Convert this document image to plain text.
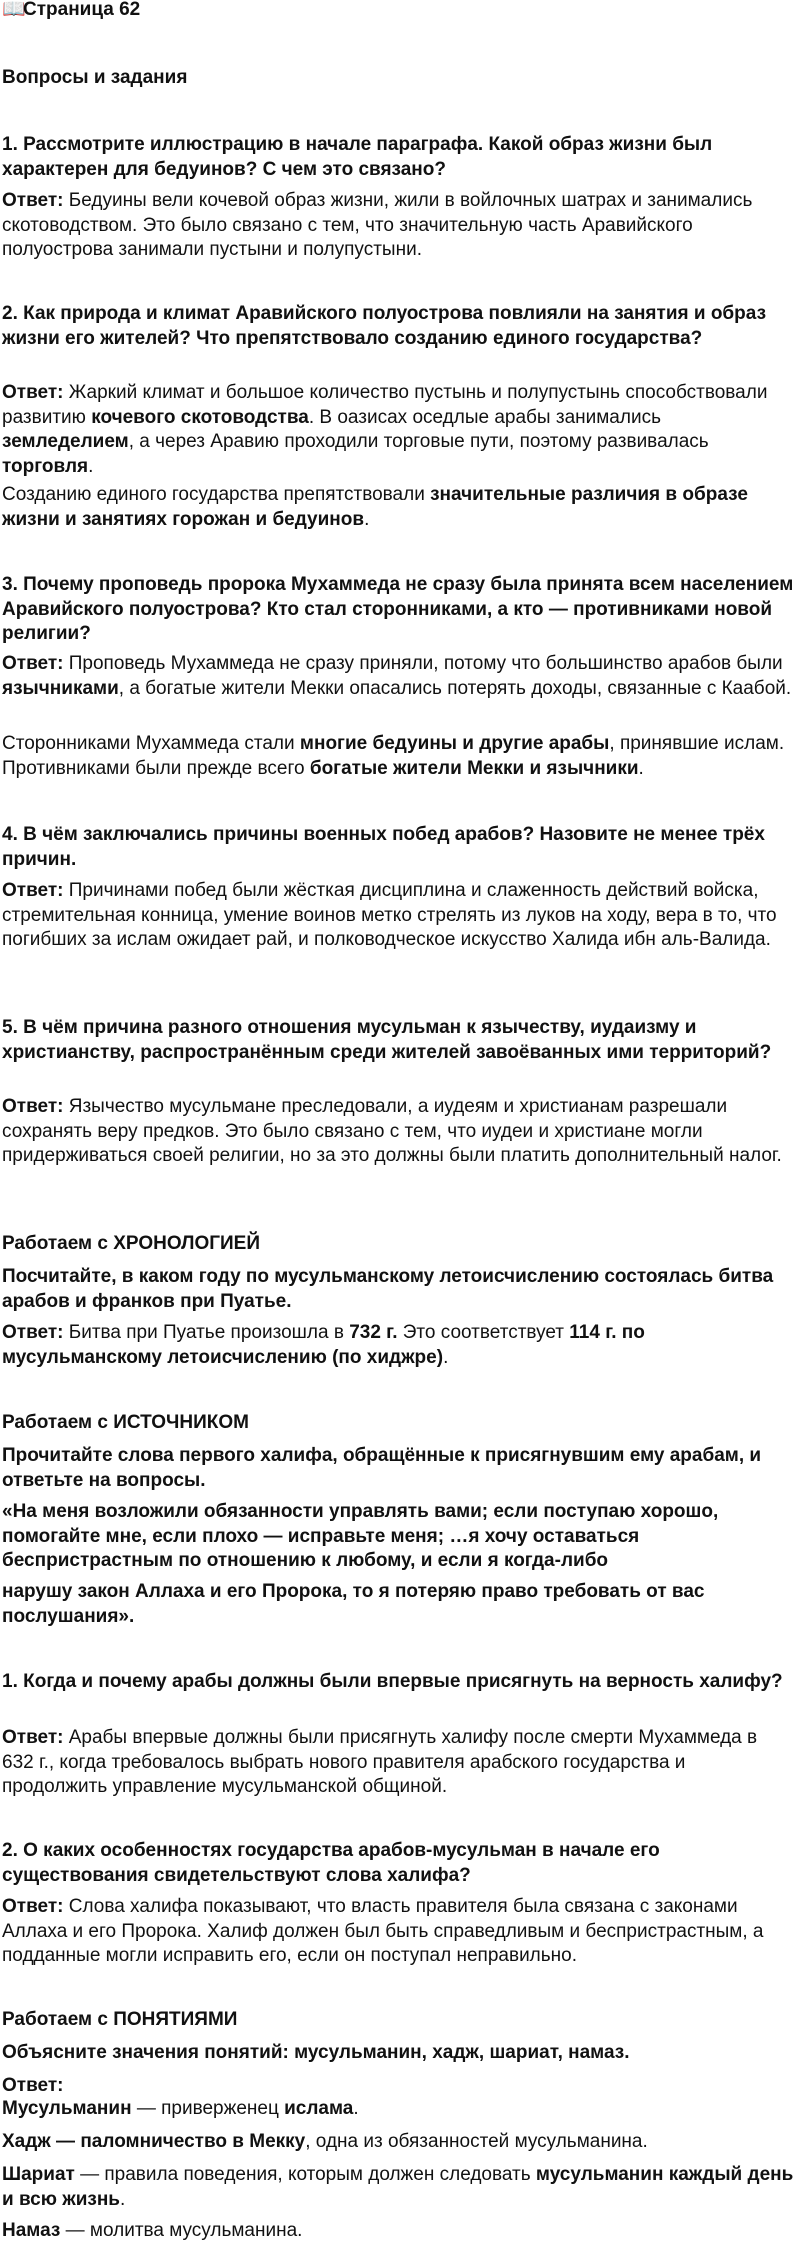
📖Страница 62

Вопросы и задания

1. Рассмотрите иллюстрацию в начале параграфа. Какой образ жизни был характерен для бедуинов? С чем это связано?

Ответ: Бедуины вели кочевой образ жизни, жили в войлочных шатрах и занимались скотоводством. Это было связано с тем, что значительную часть Аравийского полуострова занимали пустыни и полупустыни.

2. Как природа и климат Аравийского полуострова повлияли на занятия и образ жизни его жителей? Что препятствовало созданию единого государства?

Ответ: Жаркий климат и большое количество пустынь и полупустынь способствовали развитию кочевого скотоводства. В оазисах оседлые арабы занимались земледелием, а через Аравию проходили торговые пути, поэтому развивалась торговля.

Созданию единого государства препятствовали значительные различия в образе жизни и занятиях горожан и бедуинов.

3. Почему проповедь пророка Мухаммеда не сразу была принята всем населением Аравийского полуострова? Кто стал сторонниками, а кто — противниками новой религии?

Ответ: Проповедь Мухаммеда не сразу приняли, потому что большинство арабов были язычниками, а богатые жители Мекки опасались потерять доходы, связанные с Каабой.

Сторонниками Мухаммеда стали многие бедуины и другие арабы, принявшие ислам. Противниками были прежде всего богатые жители Мекки и язычники.

4. В чём заключались причины военных побед арабов? Назовите не менее трёх причин.

Ответ: Причинами побед были жёсткая дисциплина и слаженность действий войска, стремительная конница, умение воинов метко стрелять из луков на ходу, вера в то, что погибших за ислам ожидает рай, и полководческое искусство Халида ибн аль-Валида.

5. В чём причина разного отношения мусульман к язычеству, иудаизму и христианству, распространённым среди жителей завоёванных ими территорий?

Ответ: Язычество мусульмане преследовали, а иудеям и христианам разрешали сохранять веру предков. Это было связано с тем, что иудеи и христиане могли придерживаться своей религии, но за это должны были платить дополнительный налог.

Работаем с ХРОНОЛОГИЕЙ

Посчитайте, в каком году по мусульманскому летоисчислению состоялась битва арабов и франков при Пуатье.

Ответ: Битва при Пуатье произошла в 732 г. Это соответствует 114 г. по мусульманскому летоисчислению (по хиджре).

Работаем с ИСТОЧНИКОМ

Прочитайте слова первого халифа, обращённые к присягнувшим ему арабам, и ответьте на вопросы.

«На меня возложили обязанности управлять вами; если поступаю хорошо, помогайте мне, если плохо — исправьте меня; …я хочу оставаться беспристрастным по отношению к любому, и если я когда-либо

нарушу закон Аллаха и его Пророка, то я потеряю право требовать от вас послушания».

1. Когда и почему арабы должны были впервые присягнуть на верность халифу?

Ответ: Арабы впервые должны были присягнуть халифу после смерти Мухаммеда в 632 г., когда требовалось выбрать нового правителя арабского государства и продолжить управление мусульманской общиной.

2. О каких особенностях государства арабов-мусульман в начале его существования свидетельствуют слова халифа?

Ответ: Слова халифа показывают, что власть правителя была связана с законами Аллаха и его Пророка. Халиф должен был быть справедливым и беспристрастным, а подданные могли исправить его, если он поступал неправильно.

Работаем с ПОНЯТИЯМИ

Объясните значения понятий: мусульманин, хадж, шариат, намаз.

Ответ:

Мусульманин — приверженец ислама.

Хадж — паломничество в Мекку, одна из обязанностей мусульманина.

Шариат — правила поведения, которым должен следовать мусульманин каждый день и всю жизнь.

Намаз — молитва мусульманина.
